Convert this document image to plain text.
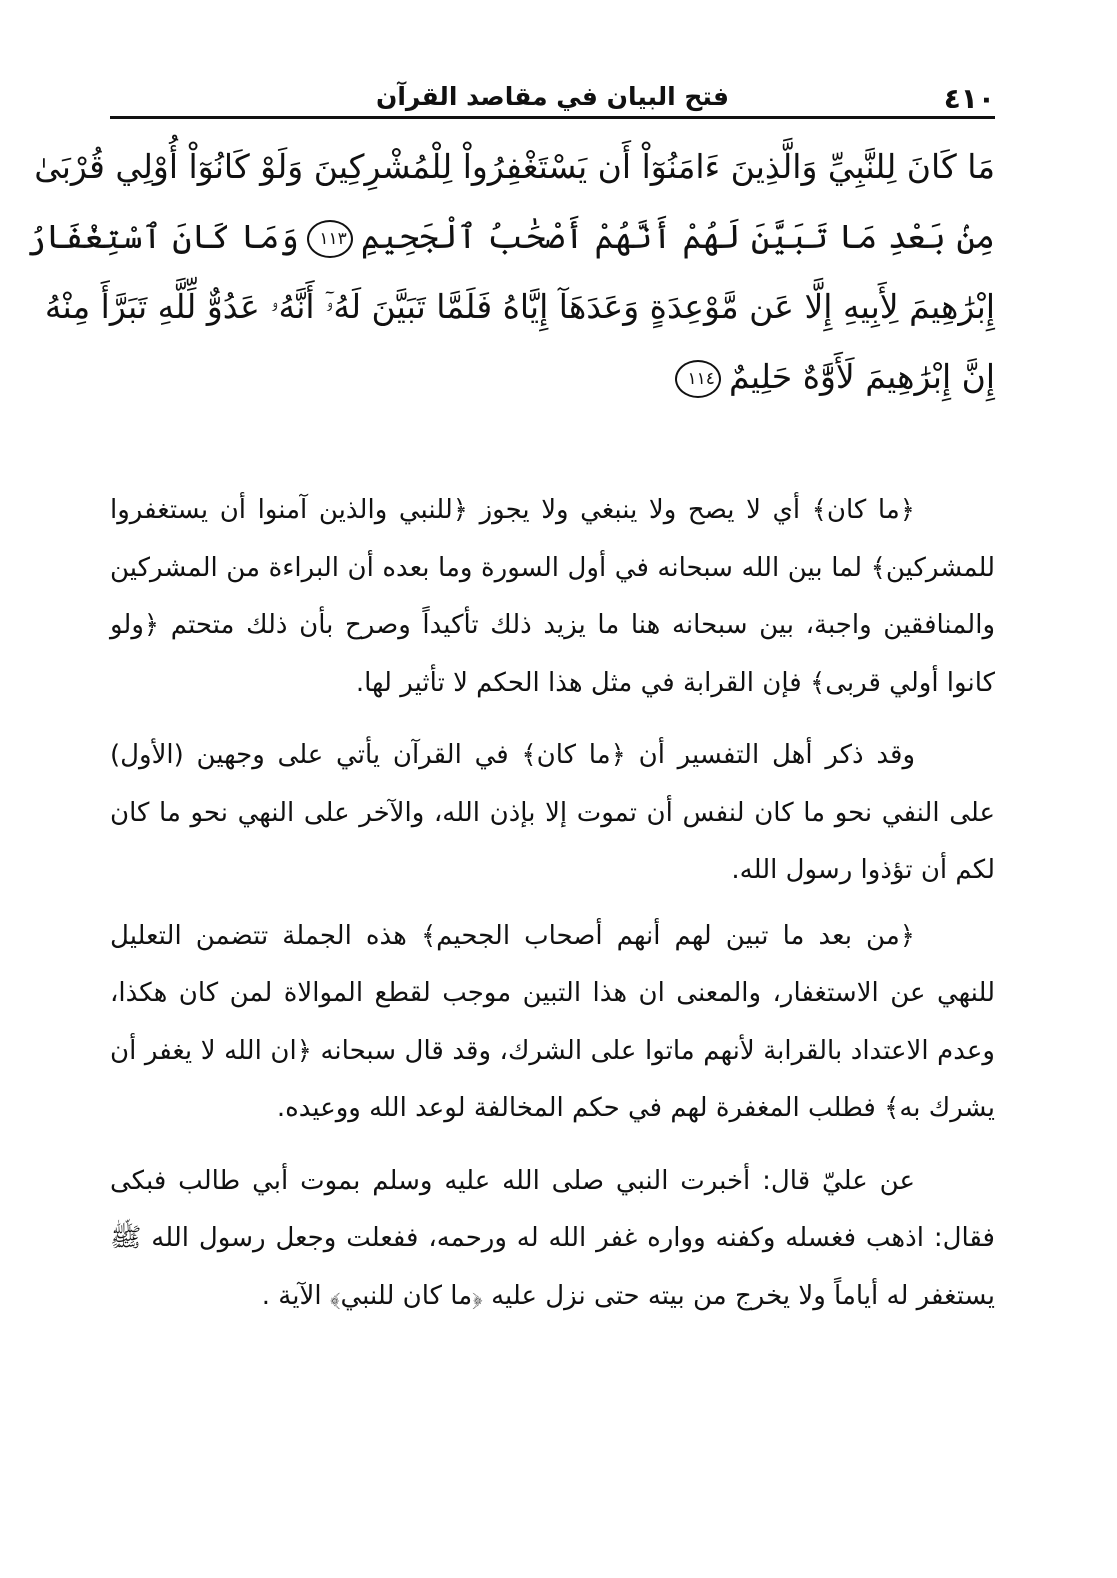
٤١٠
فتح البيان في مقاصد القرآن
مَا كَانَ لِلنَّبِيِّ وَالَّذِينَ ءَامَنُوٓاْ أَن يَسْتَغْفِرُواْ لِلْمُشْرِكِينَ وَلَوْ كَانُوٓاْ أُوْلِي قُرْبَىٰ
مِنۢ بَعْدِ مَا تَبَيَّنَ لَهُمْ أَنَّهُمْ أَصْحَٰبُ ٱلْجَحِيمِ١١٣وَمَا كَانَ ٱسْتِغْفَارُ
إِبْرَٰهِيمَ لِأَبِيهِ إِلَّا عَن مَّوْعِدَةٍ وَعَدَهَآ إِيَّاهُ فَلَمَّا تَبَيَّنَ لَهُۥٓ أَنَّهُۥ عَدُوٌّ لِّلَّهِ تَبَرَّأَ مِنْهُ
إِنَّ إِبْرَٰهِيمَ لَأَوَّٰهٌ حَلِيمٌ١١٤

﴿ما كان﴾ أي لا يصح ولا ينبغي ولا يجوز ﴿للنبي والذين آمنوا أن يستغفروا للمشركين﴾ لما بين الله سبحانه في أول السورة وما بعده أن البراءة من المشركين والمنافقين واجبة، بين سبحانه هنا ما يزيد ذلك تأكيداً وصرح بأن ذلك متحتم ﴿ولو كانوا أولي قربى﴾ فإن القرابة في مثل هذا الحكم لا تأثير لها.

وقد ذكر أهل التفسير أن ﴿ما كان﴾ في القرآن يأتي على وجهين (الأول) على النفي نحو ما كان لنفس أن تموت إلا بإذن الله، والآخر على النهي نحو ما كان لكم أن تؤذوا رسول الله.

﴿من بعد ما تبين لهم أنهم أصحاب الجحيم﴾ هذه الجملة تتضمن التعليل للنهي عن الاستغفار، والمعنى ان هذا التبين موجب لقطع الموالاة لمن كان هكذا، وعدم الاعتداد بالقرابة لأنهم ماتوا على الشرك، وقد قال سبحانه ﴿ان الله لا يغفر أن يشرك به﴾ فطلب المغفرة لهم في حكم المخالفة لوعد الله ووعيده.

عن عليّ قال: أخبرت النبي صلى الله عليه وسلم بموت أبي طالب فبكى فقال: اذهب فغسله وكفنه وواره غفر الله له ورحمه، ففعلت وجعل رسول الله ﷺ يستغفر له أياماً ولا يخرج من بيته حتى نزل عليه ﴿ما كان للنبي﴾ الآية .
